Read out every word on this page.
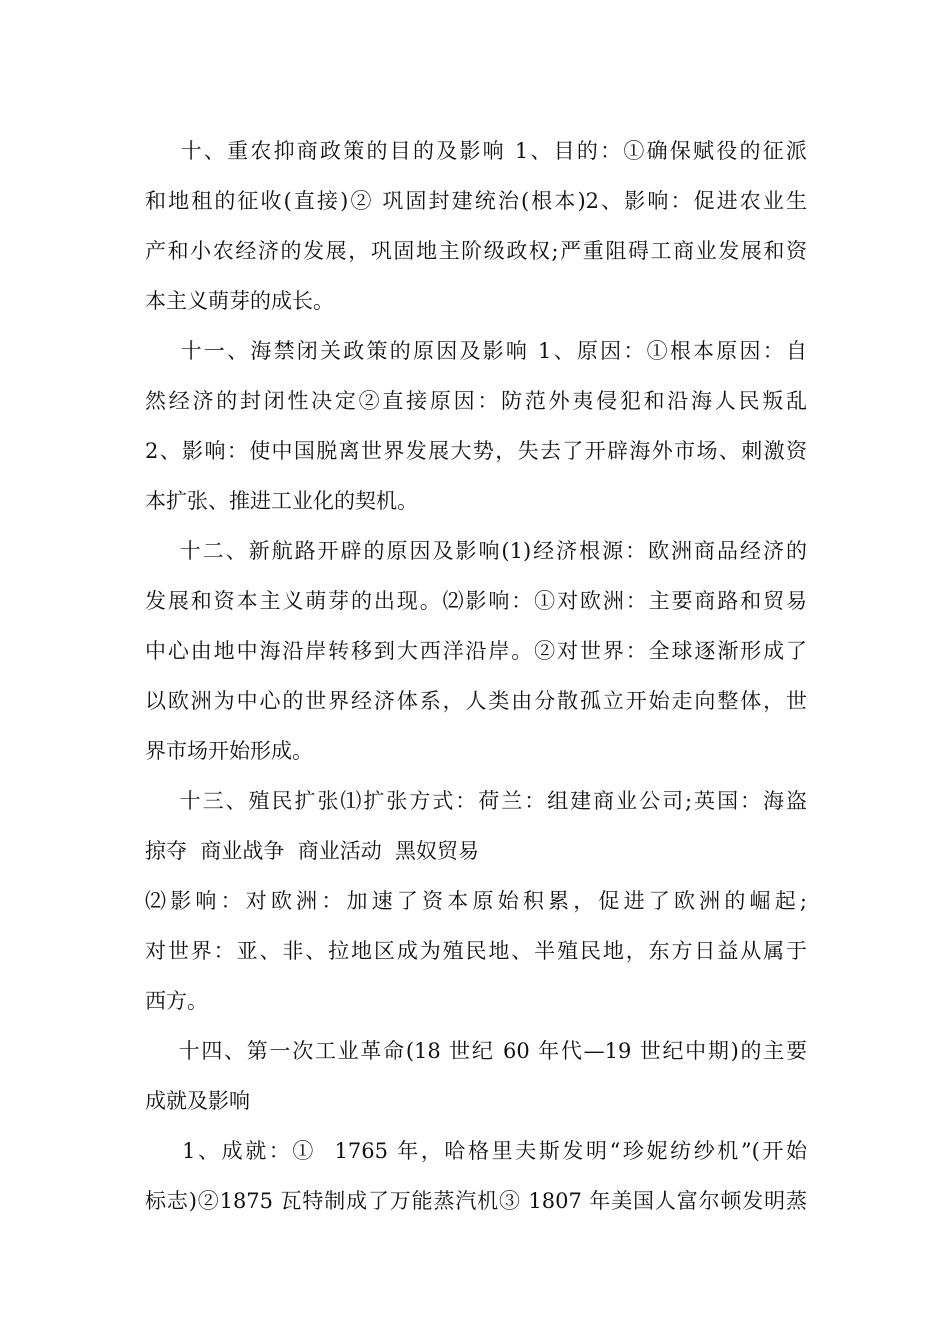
十、重农抑商政策的目的及影响 1、目的：①确保赋役的征派
和地租的征收(直接)② 巩固封建统治(根本)2、影响：促进农业生
产和小农经济的发展，巩固地主阶级政权;严重阻碍工商业发展和资
本主义萌芽的成长。
十一、海禁闭关政策的原因及影响 1、原因：①根本原因：自
然经济的封闭性决定②直接原因：防范外夷侵犯和沿海人民叛乱
2、影响：使中国脱离世界发展大势，失去了开辟海外市场、刺激资
本扩张、推进工业化的契机。
十二、新航路开辟的原因及影响(1)经济根源：欧洲商品经济的
发展和资本主义萌芽的出现。⑵影响：①对欧洲：主要商路和贸易
中心由地中海沿岸转移到大西洋沿岸。②对世界：全球逐渐形成了
以欧洲为中心的世界经济体系，人类由分散孤立开始走向整体，世
界市场开始形成。
十三、殖民扩张⑴扩张方式：荷兰：组建商业公司;英国：海盗
掠夺  商业战争  商业活动  黑奴贸易
⑵影响：对欧洲：加速了资本原始积累，促进了欧洲的崛起;
对世界：亚、非、拉地区成为殖民地、半殖民地，东方日益从属于
西方。
十四、第一次工业革命(18 世纪 60 年代—19 世纪中期)的主要
成就及影响
1、成就：①  1765 年，哈格里夫斯发明“珍妮纺纱机”(开始
标志)②1875 瓦特制成了万能蒸汽机③ 1807 年美国人富尔顿发明蒸
